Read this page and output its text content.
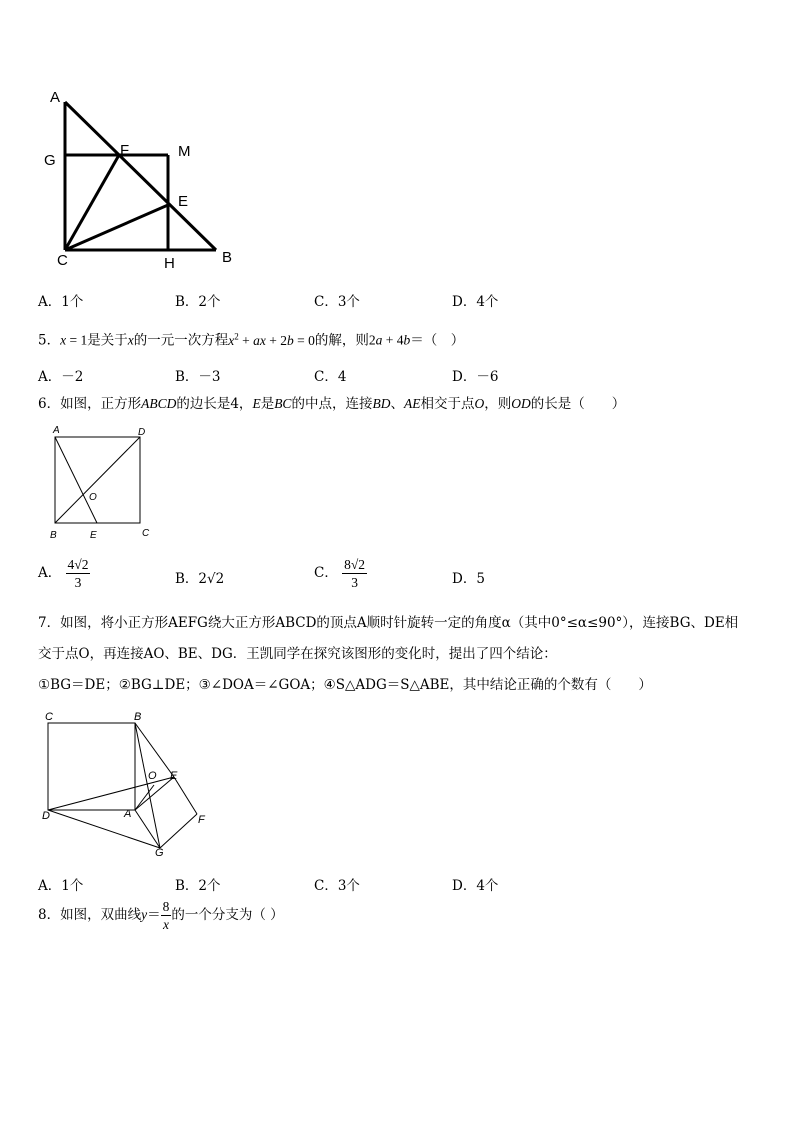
A
G
F	M
E
C	H	B
A．1个	B．2个	C．3个	D．4个
5．x = 1是关于x的一元一次方程$x^2$ + ax + 2b = 0的解，则2a + 4b＝（　）
A．－2	B．－3	C．4	D．－6
6．如图，正方形ABCD的边长是4，E是BC的中点，连接BD、AE相交于点O，则OD的长是（　　）
A	D
O
B	E	C
A． $\frac{4√2}{3}$	B．2√2	C． $\frac{8√2}{3}$	D．5
7．如图，将小正方形AEFG绕大正方形ABCD的顶点A顺时针旋转一定的角度α（其中0°≤α≤90°），连接BG、DE相
交于点O，再连接AO、BE、DG．王凯同学在探究该图形的变化时，提出了四个结论：
①BG＝DE；②BG⊥DE；③∠DOA＝∠GOA；④S△ADG＝S△ABE，其中结论正确的个数有（　　）
C	B
O E
D	A	F
G
A．1个	B．2个	C．3个	D．4个
8．如图，双曲线$y= \frac{8}{x}$ 的一个分支为（ ）
